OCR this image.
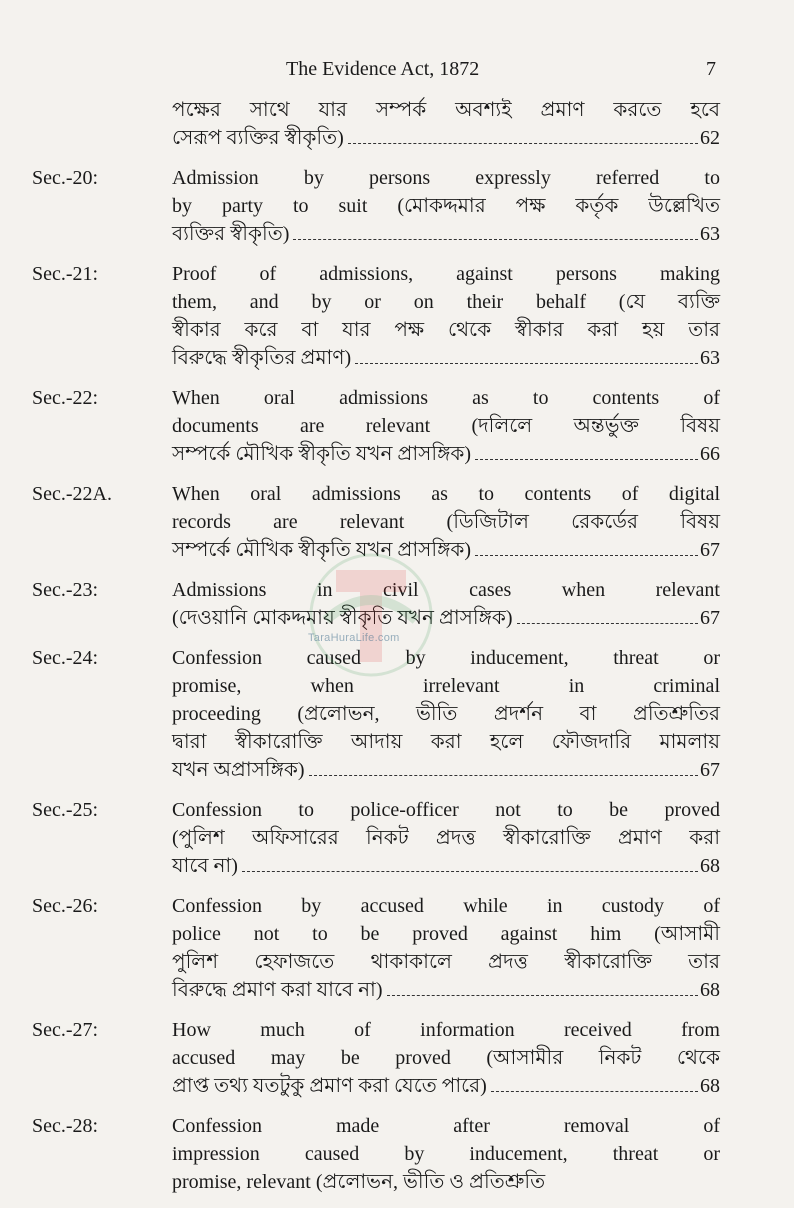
The Evidence Act, 1872	7
পক্ষের সাথে যার সম্পর্ক অবশ্যই প্রমাণ করতে হবে
সেরূপ ব্যক্তির স্বীকৃতি)	62
Sec.-20:	Admission by persons expressly referred to
by party to suit (মোকদ্দমার পক্ষ কর্তৃক উল্লেখিত
ব্যক্তির স্বীকৃতি)	63
Sec.-21:	Proof of admissions, against persons making
them, and by or on their behalf (যে ব্যক্তি
স্বীকার করে বা যার পক্ষ থেকে স্বীকার করা হয় তার
বিরুদ্ধে স্বীকৃতির প্রমাণ)	63
Sec.-22:	When oral admissions as to contents of
documents are relevant (দলিলে অন্তর্ভুক্ত বিষয়
সম্পর্কে মৌখিক স্বীকৃতি যখন প্রাসঙ্গিক)	66
Sec.-22A.	When oral admissions as to contents of digital
records are relevant (ডিজিটাল রেকর্ডের বিষয়
সম্পর্কে মৌখিক স্বীকৃতি যখন প্রাসঙ্গিক)	67
Sec.-23:	Admissions in civil cases when relevant
(দেওয়ানি মোকদ্দমায় স্বীকৃতি যখন প্রাসঙ্গিক)	67
Sec.-24:	Confession caused by inducement, threat or
promise, when irrelevant in criminal
proceeding (প্রলোভন, ভীতি প্রদর্শন বা প্রতিশ্রুতির
দ্বারা স্বীকারোক্তি আদায় করা হলে ফৌজদারি মামলায়
যখন অপ্রাসঙ্গিক)	67
Sec.-25:	Confession to police-officer not to be proved
(পুলিশ অফিসারের নিকট প্রদত্ত স্বীকারোক্তি প্রমাণ করা
যাবে না)	68
Sec.-26:	Confession by accused while in custody of
police not to be proved against him (আসামী
পুলিশ হেফাজতে থাকাকালে প্রদত্ত স্বীকারোক্তি তার
বিরুদ্ধে প্রমাণ করা যাবে না)	68
Sec.-27:	How much of information received from
accused may be proved (আসামীর নিকট থেকে
প্রাপ্ত তথ্য যতটুকু প্রমাণ করা যেতে পারে)	68
Sec.-28:	Confession made after removal of
impression caused by inducement, threat or
promise, relevant (প্রলোভন, ভীতি ও প্রতিশ্রুতি
TaraHuraLife.com
